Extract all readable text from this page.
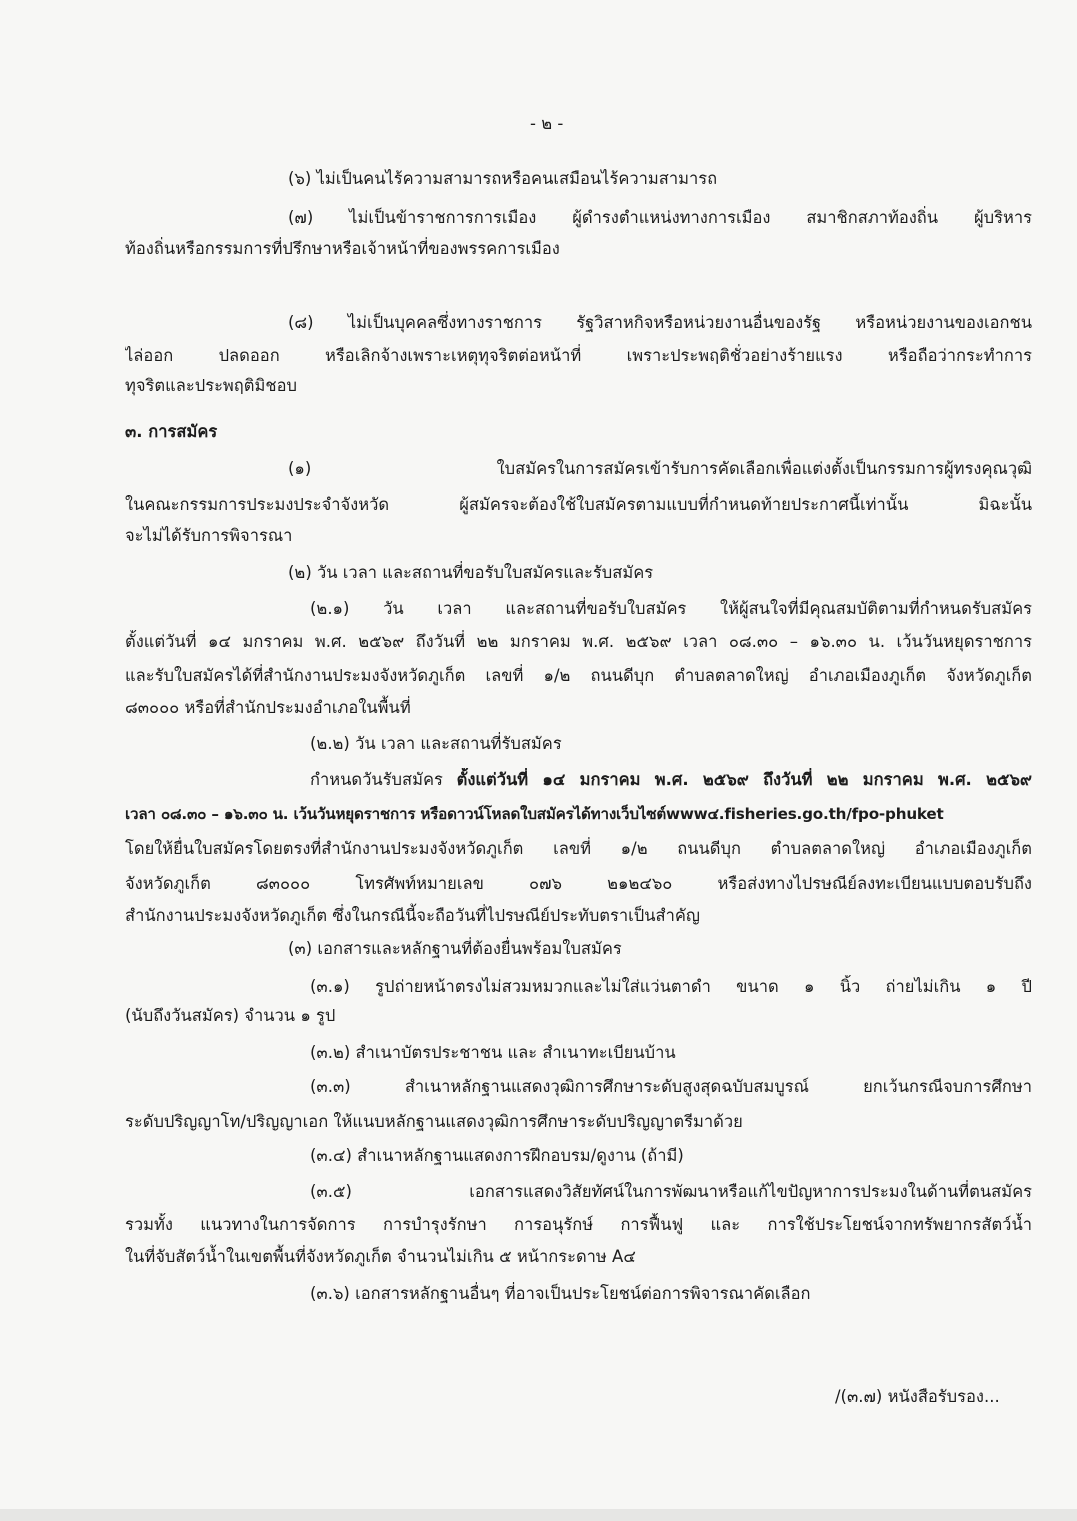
- ๒ -
(๖) ไม่เป็นคนไร้ความสามารถหรือคนเสมือนไร้ความสามารถ
(๗) ไม่เป็นข้าราชการการเมือง ผู้ดำรงตำแหน่งทางการเมือง สมาชิกสภาท้องถิ่น ผู้บริหาร
ท้องถิ่นหรือกรรมการที่ปรึกษาหรือเจ้าหน้าที่ของพรรคการเมือง
(๘) ไม่เป็นบุคคลซึ่งทางราชการ รัฐวิสาหกิจหรือหน่วยงานอื่นของรัฐ หรือหน่วยงานของเอกชน
ไล่ออก ปลดออก หรือเลิกจ้างเพราะเหตุทุจริตต่อหน้าที่ เพราะประพฤติชั่วอย่างร้ายแรง หรือถือว่ากระทำการ
ทุจริตและประพฤติมิชอบ
๓. การสมัคร
(๑) ใบสมัครในการสมัครเข้ารับการคัดเลือกเพื่อแต่งตั้งเป็นกรรมการผู้ทรงคุณวุฒิ
ในคณะกรรมการประมงประจำจังหวัด ผู้สมัครจะต้องใช้ใบสมัครตามแบบที่กำหนดท้ายประกาศนี้เท่านั้น มิฉะนั้น
จะไม่ได้รับการพิจารณา
(๒) วัน เวลา และสถานที่ขอรับใบสมัครและรับสมัคร
(๒.๑) วัน เวลา และสถานที่ขอรับใบสมัคร ให้ผู้สนใจที่มีคุณสมบัติตามที่กำหนดรับสมัคร
ตั้งแต่วันที่ ๑๔ มกราคม พ.ศ. ๒๕๖๙ ถึงวันที่ ๒๒ มกราคม พ.ศ. ๒๕๖๙ เวลา ๐๘.๓๐ – ๑๖.๓๐ น. เว้นวันหยุดราชการ
และรับใบสมัครได้ที่สำนักงานประมงจังหวัดภูเก็ต เลขที่ ๑/๒ ถนนดีบุก ตำบลตลาดใหญ่ อำเภอเมืองภูเก็ต จังหวัดภูเก็ต
๘๓๐๐๐ หรือที่สำนักประมงอำเภอในพื้นที่
(๒.๒) วัน เวลา และสถานที่รับสมัคร
กำหนดวันรับสมัคร ตั้งแต่วันที่ ๑๔ มกราคม พ.ศ. ๒๕๖๙ ถึงวันที่ ๒๒ มกราคม พ.ศ. ๒๕๖๙
เวลา ๐๘.๓๐ – ๑๖.๓๐ น. เว้นวันหยุดราชการ หรือดาวน์โหลดใบสมัครได้ทางเว็บไซต์www๔.fisheries.go.th/fpo-phuket
โดยให้ยื่นใบสมัครโดยตรงที่สำนักงานประมงจังหวัดภูเก็ต เลขที่ ๑/๒ ถนนดีบุก ตำบลตลาดใหญ่ อำเภอเมืองภูเก็ต
จังหวัดภูเก็ต ๘๓๐๐๐ โทรศัพท์หมายเลข ๐๗๖ ๒๑๒๔๖๐ หรือส่งทางไปรษณีย์ลงทะเบียนแบบตอบรับถึง
สำนักงานประมงจังหวัดภูเก็ต ซึ่งในกรณีนี้จะถือวันที่ไปรษณีย์ประทับตราเป็นสำคัญ
(๓) เอกสารและหลักฐานที่ต้องยื่นพร้อมใบสมัคร
(๓.๑) รูปถ่ายหน้าตรงไม่สวมหมวกและไม่ใส่แว่นตาดำ ขนาด ๑ นิ้ว ถ่ายไม่เกิน ๑ ปี
(นับถึงวันสมัคร) จำนวน ๑ รูป
(๓.๒) สำเนาบัตรประชาชน และ สำเนาทะเบียนบ้าน
(๓.๓) สำเนาหลักฐานแสดงวุฒิการศึกษาระดับสูงสุดฉบับสมบูรณ์ ยกเว้นกรณีจบการศึกษา
ระดับปริญญาโท/ปริญญาเอก ให้แนบหลักฐานแสดงวุฒิการศึกษาระดับปริญญาตรีมาด้วย
(๓.๔) สำเนาหลักฐานแสดงการฝึกอบรม/ดูงาน (ถ้ามี)
(๓.๕) เอกสารแสดงวิสัยทัศน์ในการพัฒนาหรือแก้ไขปัญหาการประมงในด้านที่ตนสมัคร
รวมทั้ง แนวทางในการจัดการ การบำรุงรักษา การอนุรักษ์ การฟื้นฟู และ การใช้ประโยชน์จากทรัพยากรสัตว์น้ำ
ในที่จับสัตว์น้ำในเขตพื้นที่จังหวัดภูเก็ต จำนวนไม่เกิน ๕ หน้ากระดาษ A๔
(๓.๖) เอกสารหลักฐานอื่นๆ ที่อาจเป็นประโยชน์ต่อการพิจารณาคัดเลือก
/(๓.๗) หนังสือรับรอง...
